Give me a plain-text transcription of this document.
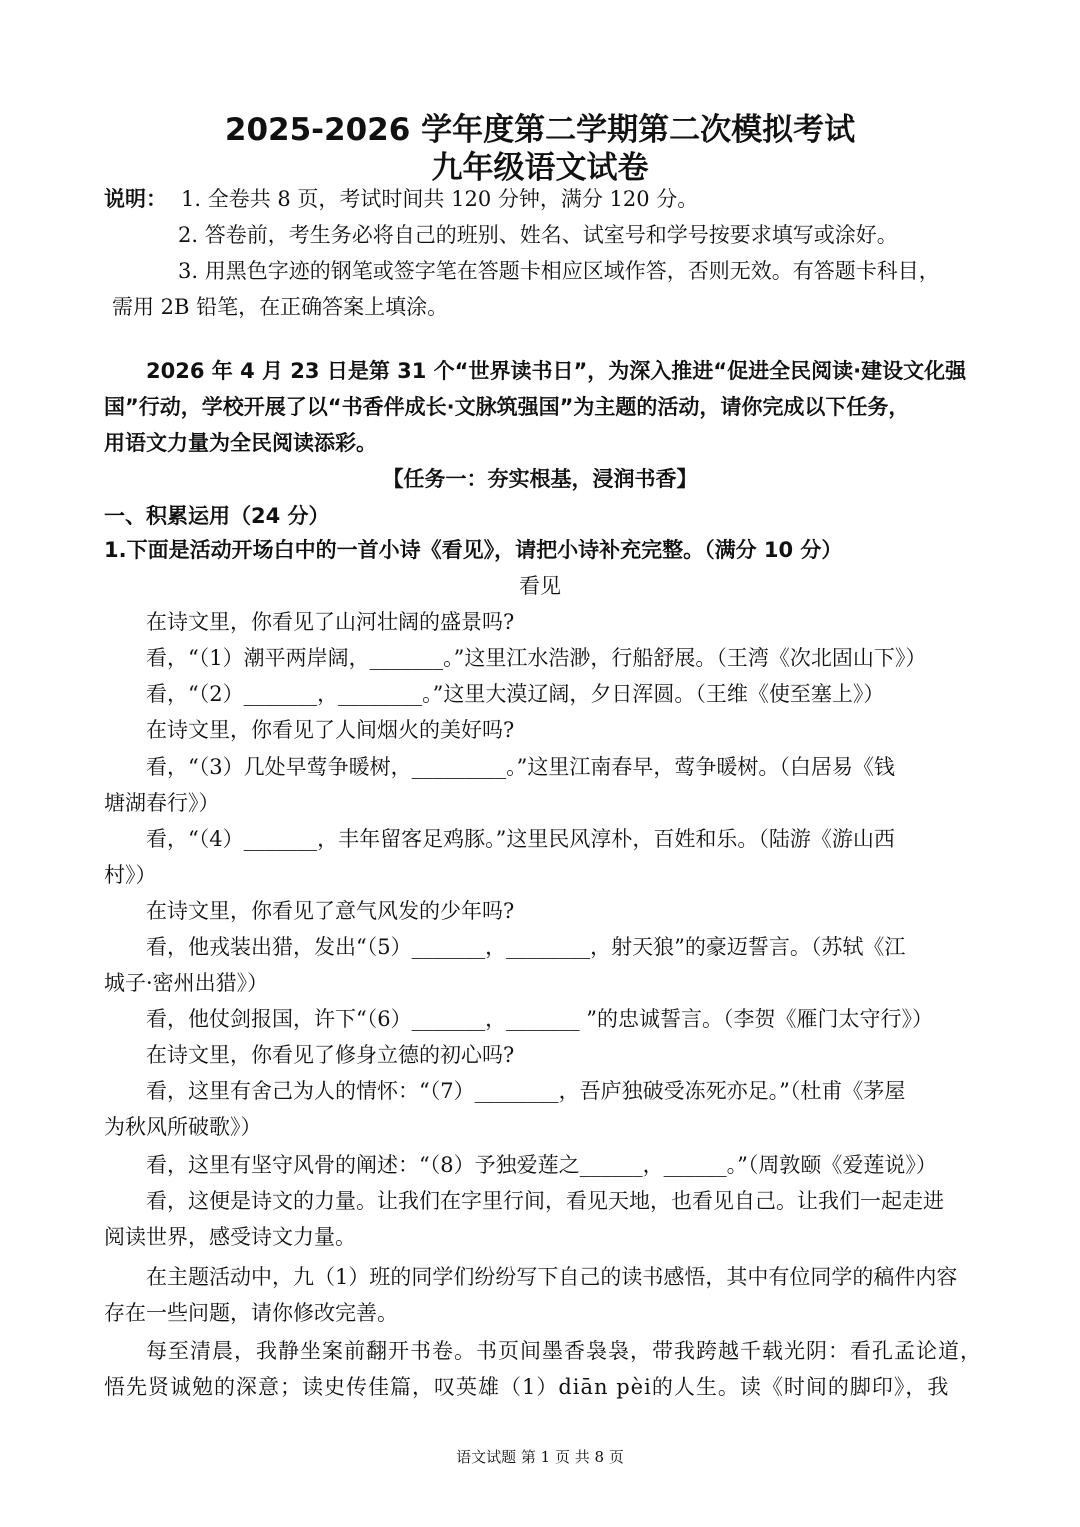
2025-2026 学年度第二学期第二次模拟考试
九年级语文试卷
说明： 1. 全卷共 8 页，考试时间共 120 分钟，满分 120 分。
2. 答卷前，考生务必将自己的班别、姓名、试室号和学号按要求填写或涂好。
3. 用黑色字迹的钢笔或签字笔在答题卡相应区域作答，否则无效。有答题卡科目，
需用 2B 铅笔，在正确答案上填涂。
2026 年 4 月 23 日是第 31 个“世界读书日”，为深入推进“促进全民阅读·建设文化强
国”行动，学校开展了以“书香伴成长·文脉筑强国”为主题的活动，请你完成以下任务，
用语文力量为全民阅读添彩。
【任务一：夯实根基，浸润书香】
一、积累运用（24 分）
1.下面是活动开场白中的一首小诗《看见》，请把小诗补充完整。（满分 10 分）
看见
在诗文里，你看见了山河壮阔的盛景吗?
看，“（1）潮平两岸阔，_______。”这里江水浩渺，行船舒展。（王湾《次北固山下》）
看，“（2）_______，________。”这里大漠辽阔，夕日浑圆。（王维《使至塞上》）
在诗文里，你看见了人间烟火的美好吗?
看，“（3）几处早莺争暖树，_________。”这里江南春早，莺争暖树。（白居易《钱
塘湖春行》）
看，“（4）_______，丰年留客足鸡豚。”这里民风淳朴，百姓和乐。（陆游《游山西
村》）
在诗文里，你看见了意气风发的少年吗?
看，他戎装出猎，发出“（5）_______，________，射天狼”的豪迈誓言。（苏轼《江
城子·密州出猎》）
看，他仗剑报国，许下“（6）_______，_______ ”的忠诚誓言。（李贺《雁门太守行》）
在诗文里，你看见了修身立德的初心吗?
看，这里有舍己为人的情怀：“（7）________，吾庐独破受冻死亦足。”（杜甫《茅屋
为秋风所破歌》）
看，这里有坚守风骨的阐述：“（8）予独爱莲之______，______。”（周敦颐《爱莲说》）
看，这便是诗文的力量。让我们在字里行间，看见天地，也看见自己。让我们一起走进
阅读世界，感受诗文力量。
在主题活动中，九（1）班的同学们纷纷写下自己的读书感悟，其中有位同学的稿件内容
存在一些问题，请你修改完善。
每至清晨，我静坐案前翻开书卷。书页间墨香袅袅，带我跨越千载光阴：看孔孟论道，
悟先贤诚勉的深意；读史传佳篇，叹英雄（1）diān pèi的人生。读《时间的脚印》，我
语文试题 第 1 页 共 8 页
